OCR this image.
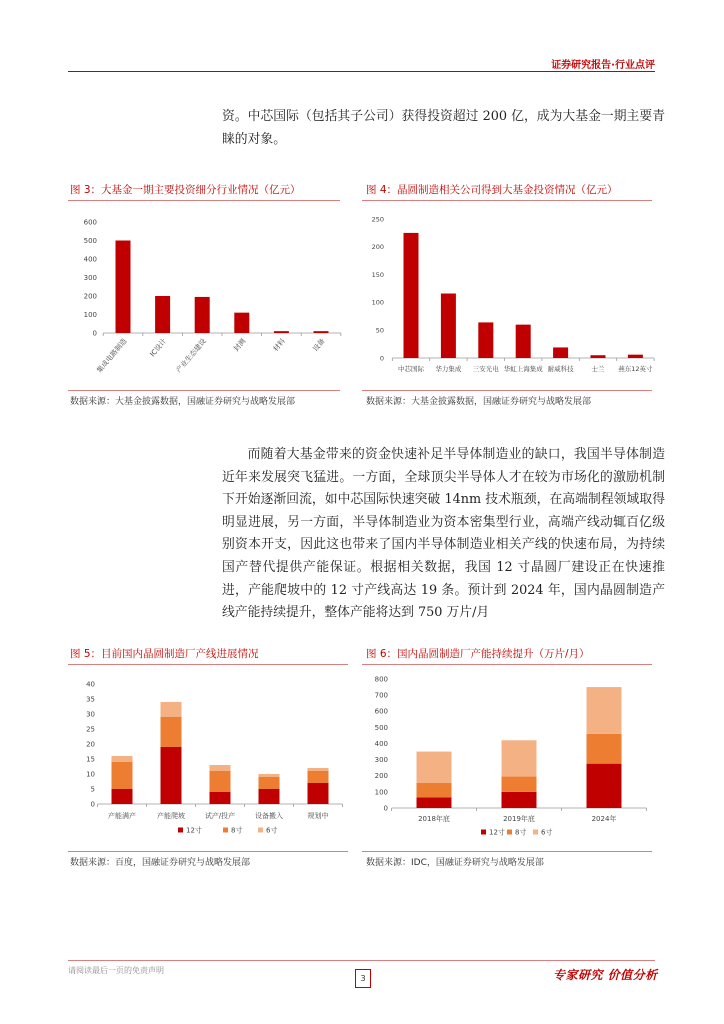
证券研究报告·行业点评
资。中芯国际（包括其子公司）获得投资超过 200 亿，成为大基金一期主要青睐的对象。
图 3：大基金一期主要投资细分行业情况（亿元）
0
100
200
300
400
500
600
集成电路制造	IC设计 产业生态建设	封测	材料	设备
数据来源：大基金披露数据，国融证券研究与战略发展部
图 4：晶圆制造相关公司得到大基金投资情况（亿元）
0
50
100
150
200
250
中芯国际 华力集成 三安光电 华虹上海集成 耐威科技	士兰 燕东12英寸
数据来源：大基金披露数据，国融证券研究与战略发展部
而随着大基金带来的资金快速补足半导体制造业的缺口，我国半导体制造近年来发展突飞猛进。一方面，全球顶尖半导体人才在较为市场化的激励机制下开始逐渐回流，如中芯国际快速突破 14nm 技术瓶颈，在高端制程领域取得明显进展，另一方面，半导体制造业为资本密集型行业，高端产线动辄百亿级别资本开支，因此这也带来了国内半导体制造业相关产线的快速布局，为持续国产替代提供产能保证。根据相关数据，我国 12 寸晶圆厂建设正在快速推进，产能爬坡中的 12 寸产线高达 19 条。预计到 2024 年，国内晶圆制造产线产能持续提升，整体产能将达到 750 万片/月
图 5：目前国内晶圆制造厂产线进展情况
0
5
10
15
20
25
30
35
40
产能满产	产能爬坡	试产/投产	设备搬入	规划中
12寸	8寸	6寸
数据来源：百度，国融证券研究与战略发展部
图 6：国内晶圆制造厂产能持续提升（万片/月）
0
100
200
300
400
500
600
700
800
2018年底	2019年底	2024年
12寸 8寸 6寸
数据来源：IDC，国融证券研究与战略发展部
请阅读最后一页的免责声明
3	专家研究 价值分析
